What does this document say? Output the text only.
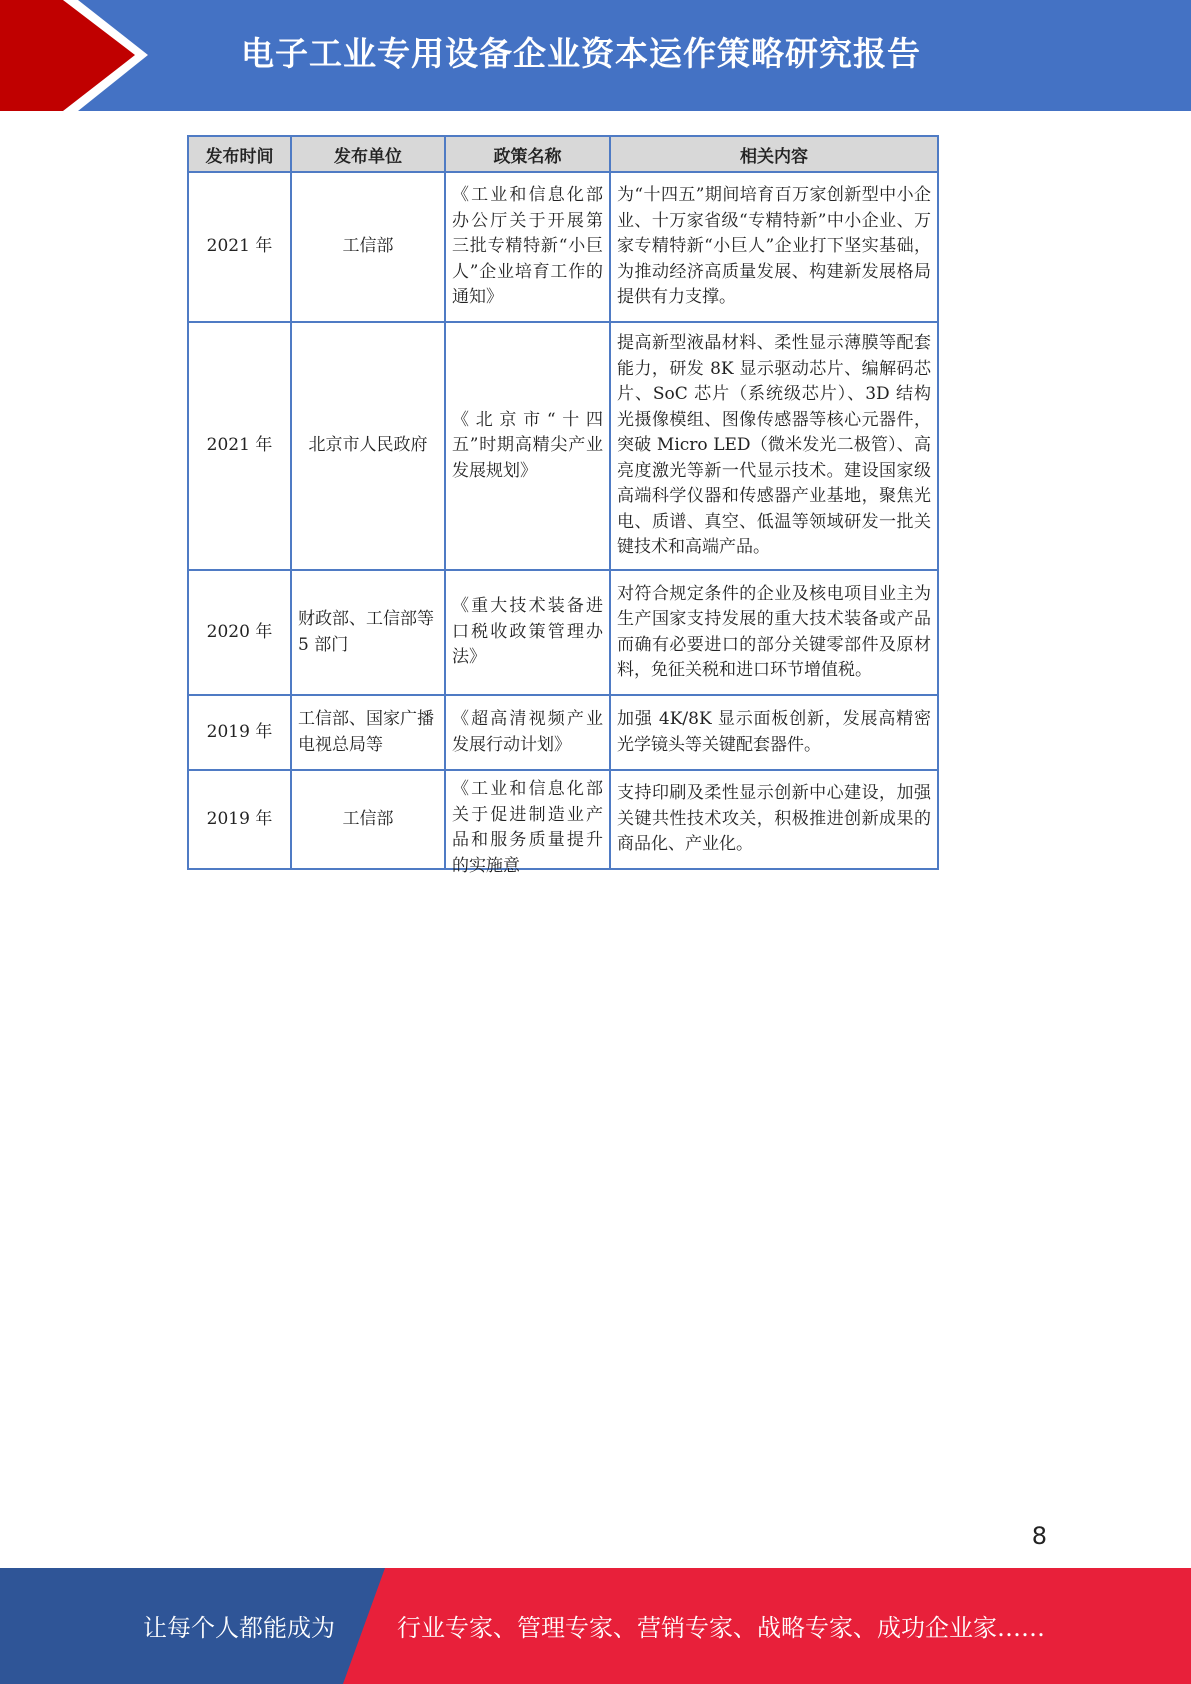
电子工业专用设备企业资本运作策略研究报告
发布时间	发布单位	政策名称	相关内容
2021 年	工信部	《工业和信息化部办公厅关于开展第三批专精特新“小巨人”企业培育工作的通知》	为“十四五”期间培育百万家创新型中小企业、十万家省级“专精特新”中小企业、万家专精特新“小巨人”企业打下坚实基础，为推动经济高质量发展、构建新发展格局提供有力支撑。
2021 年	北京市人民政府	《北京市“十四五”时期高精尖产业发展规划》	提高新型液晶材料、柔性显示薄膜等配套能力，研发 8K 显示驱动芯片、编解码芯片、SoC 芯片（系统级芯片）、3D 结构光摄像模组、图像传感器等核心元器件，突破 Micro LED（微米发光二极管）、高亮度激光等新一代显示技术。建设国家级高端科学仪器和传感器产业基地，聚焦光电、质谱、真空、低温等领域研发一批关键技术和高端产品。
2020 年	财政部、工信部等 5 部门	《重大技术装备进口税收政策管理办法》	对符合规定条件的企业及核电项目业主为生产国家支持发展的重大技术装备或产品而确有必要进口的部分关键零部件及原材料，免征关税和进口环节增值税。
2019 年	工信部、国家广播电视总局等	《超高清视频产业发展行动计划》	加强 4K/8K 显示面板创新，发展高精密光学镜头等关键配套器件。
2019 年	工信部	《工业和信息化部关于促进制造业产品和服务质量提升的实施意	支持印刷及柔性显示创新中心建设，加强关键共性技术攻关，积极推进创新成果的商品化、产业化。
8
让每个人都能成为	行业专家、管理专家、营销专家、战略专家、成功企业家……
